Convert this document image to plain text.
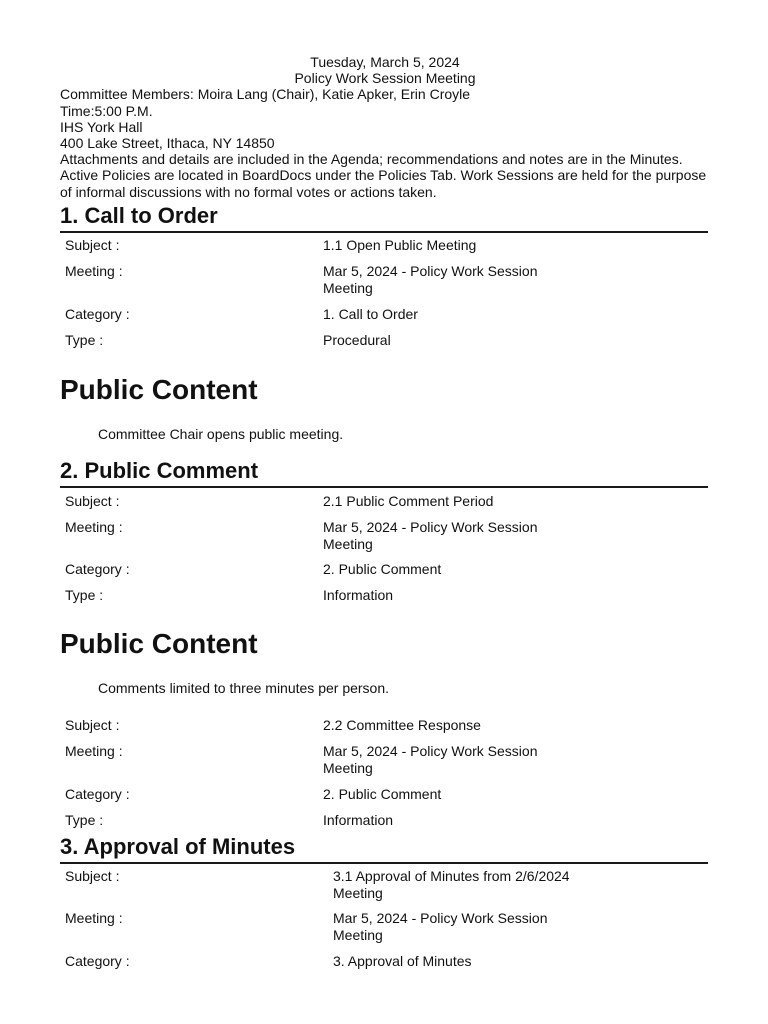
Tuesday, March 5, 2024
Policy Work Session Meeting
Committee Members: Moira Lang (Chair), Katie Apker, Erin Croyle
Time:5:00 P.M.
IHS York Hall
400 Lake Street, Ithaca, NY 14850
Attachments and details are included in the Agenda; recommendations and notes are in the Minutes. Active Policies are located in BoardDocs under the Policies Tab. Work Sessions are held for the purpose of informal discussions with no formal votes or actions taken.
1. Call to Order
Subject :	1.1 Open Public Meeting
Meeting :	Mar 5, 2024 - Policy Work Session Meeting
Category :	1. Call to Order
Type :	Procedural
Public Content
Committee Chair opens public meeting.
2. Public Comment
Subject :	2.1 Public Comment Period
Meeting :	Mar 5, 2024 - Policy Work Session Meeting
Category :	2. Public Comment
Type :	Information
Public Content
Comments limited to three minutes per person.
Subject :	2.2 Committee Response
Meeting :	Mar 5, 2024 - Policy Work Session Meeting
Category :	2. Public Comment
Type :	Information
3. Approval of Minutes
Subject :	3.1 Approval of Minutes from 2/6/2024 Meeting
Meeting :	Mar 5, 2024 - Policy Work Session Meeting
Category :	3. Approval of Minutes
